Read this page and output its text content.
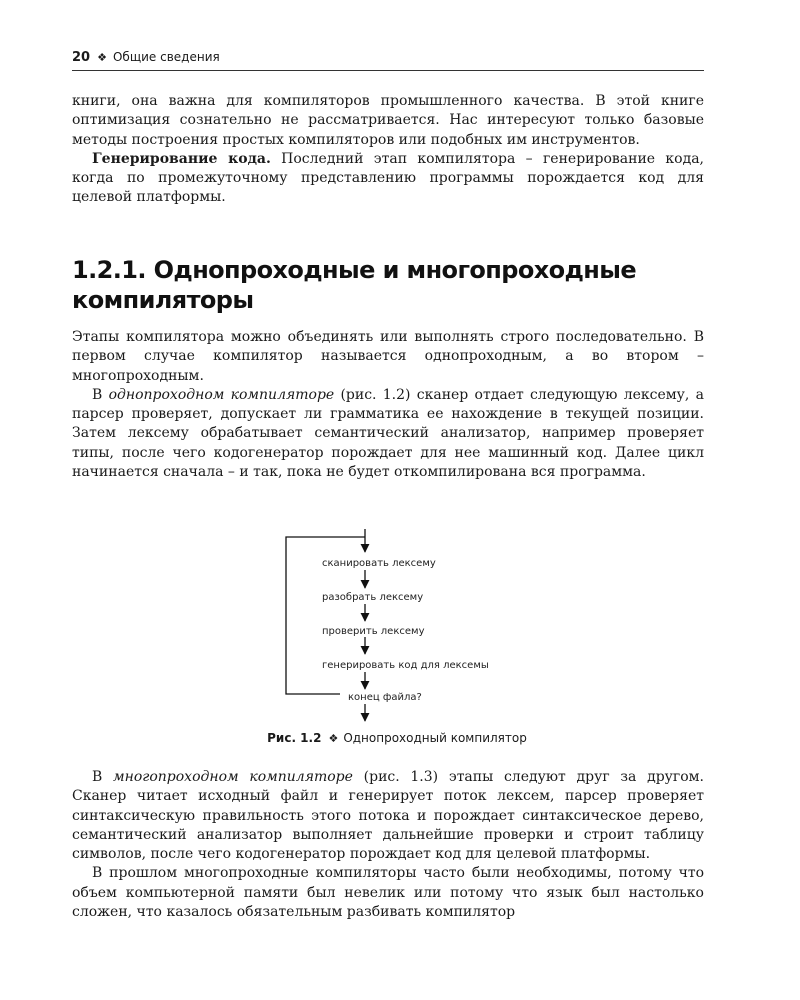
20 ❖ Общие сведения

книги, она важна для компиляторов промышленного качества. В этой книге оптимизация сознательно не рассматривается. Нас интересуют только базовые методы построения простых компиляторов или подобных им инструментов.

Генерирование кода. Последний этап компилятора – генерирование кода, когда по промежуточному представлению программы порождается код для целевой платформы.

1.2.1. Однопроходные и многопроходные компиляторы

Этапы компилятора можно объединять или выполнять строго последовательно. В первом случае компилятор называется однопроходным, а во втором – многопроходным.

В однопроходном компиляторе (рис. 1.2) сканер отдает следующую лексему, а парсер проверяет, допускает ли грамматика ее нахождение в текущей позиции. Затем лексему обрабатывает семантический анализатор, например проверяет типы, после чего кодогенератор порождает для нее машинный код. Далее цикл начинается сначала – и так, пока не будет откомпилирована вся программа.

сканировать лексему
разобрать лексему
проверить лексему
генерировать код для лексемы
конец файла?
Рис. 1.2 ❖ Однопроходный компилятор

В многопроходном компиляторе (рис. 1.3) этапы следуют друг за другом. Сканер читает исходный файл и генерирует поток лексем, парсер проверяет синтаксическую правильность этого потока и порождает синтаксическое дерево, семантический анализатор выполняет дальнейшие проверки и строит таблицу символов, после чего кодогенератор порождает код для целевой платформы.

В прошлом многопроходные компиляторы часто были необходимы, потому что объем компьютерной памяти был невелик или потому что язык был настолько сложен, что казалось обязательным разбивать компилятор
